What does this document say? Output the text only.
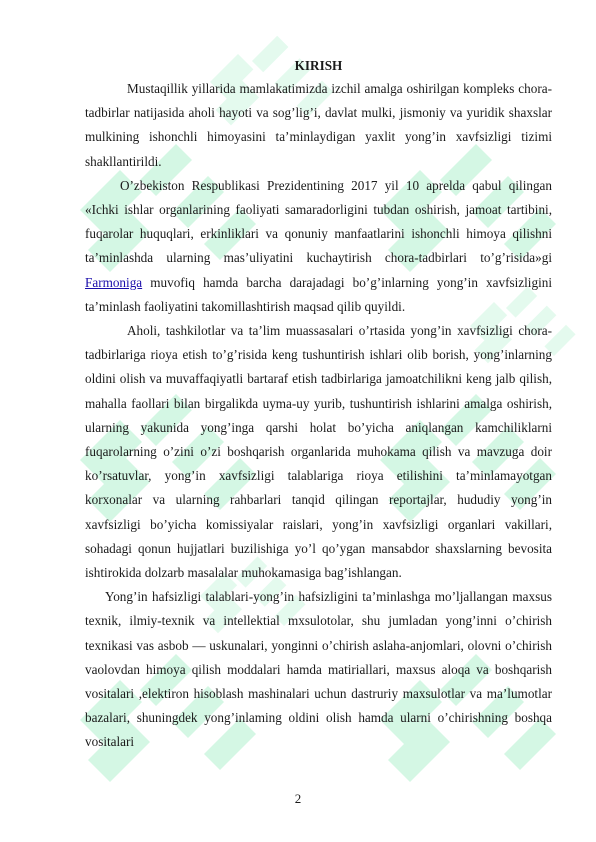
KIRISH

Mustaqillik yillarida mamlakatimizda izchil amalga oshirilgan kompleks chora-tadbirlar natijasida aholi hayoti va sog’lig’i, davlat mulki, jismoniy va yuridik shaxslar mulkining ishonchli himoyasini ta’minlaydigan yaxlit yong’in xavfsizligi tizimi shakllantirildi.

O’zbekiston Respublikasi Prezidentining 2017 yil 10 aprelda qabul qilingan «Ichki ishlar organlarining faoliyati samaradorligini tubdan oshirish, jamoat tartibini, fuqarolar huquqlari, erkinliklari va qonuniy manfaatlarini ishonchli himoya qilishni ta’minlashda ularning mas’uliyatini kuchaytirish chora-tadbirlari to’g’risida»gi Farmoniga muvofiq hamda barcha darajadagi bo’g’inlarning yong’in xavfsizligini ta’minlash faoliyatini takomillashtirish maqsad qilib quyildi.

Aholi, tashkilotlar va ta’lim muassasalari o’rtasida yong’in xavfsizligi chora-tadbirlariga rioya etish to’g’risida keng tushuntirish ishlari olib borish, yong’inlarning oldini olish va muvaffaqiyatli bartaraf etish tadbirlariga jamoatchilikni keng jalb qilish, mahalla faollari bilan birgalikda uyma-uy yurib, tushuntirish ishlarini amalga oshirish, ularning yakunida yong’inga qarshi holat bo’yicha aniqlangan kamchiliklarni fuqarolarning o’zini o’zi boshqarish organlarida muhokama qilish va mavzuga doir ko’rsatuvlar, yong’in xavfsizligi talablariga rioya etilishini ta’minlamayotgan korxonalar va ularning rahbarlari tanqid qilingan reportajlar, hududiy yong’in xavfsizligi bo’yicha komissiyalar raislari, yong’in xavfsizligi organlari vakillari, sohadagi qonun hujjatlari buzilishiga yo’l qo’ygan mansabdor shaxslarning bevosita ishtirokida dolzarb masalalar muhokamasiga bag’ishlangan.

Yong’in hafsizligi talablari-yong’in hafsizligini ta’minlashga mo’ljallangan maxsus texnik, ilmiy-texnik va intellektial mxsulotolar, shu jumladan yong’inni o’chirish texnikasi vas asbob — uskunalari, yonginni o’chirish aslaha-anjomlari, olovni o’chirish vaolovdan himoya qilish moddalari hamda matiriallari, maxsus aloqa va boshqarish vositalari ,elektiron hisoblash mashinalari uchun dastruriy maxsulotlar va ma’lumotlar bazalari, shuningdek yong’inlaming oldini olish hamda ularni o’chirishning boshqa vositalari

2
